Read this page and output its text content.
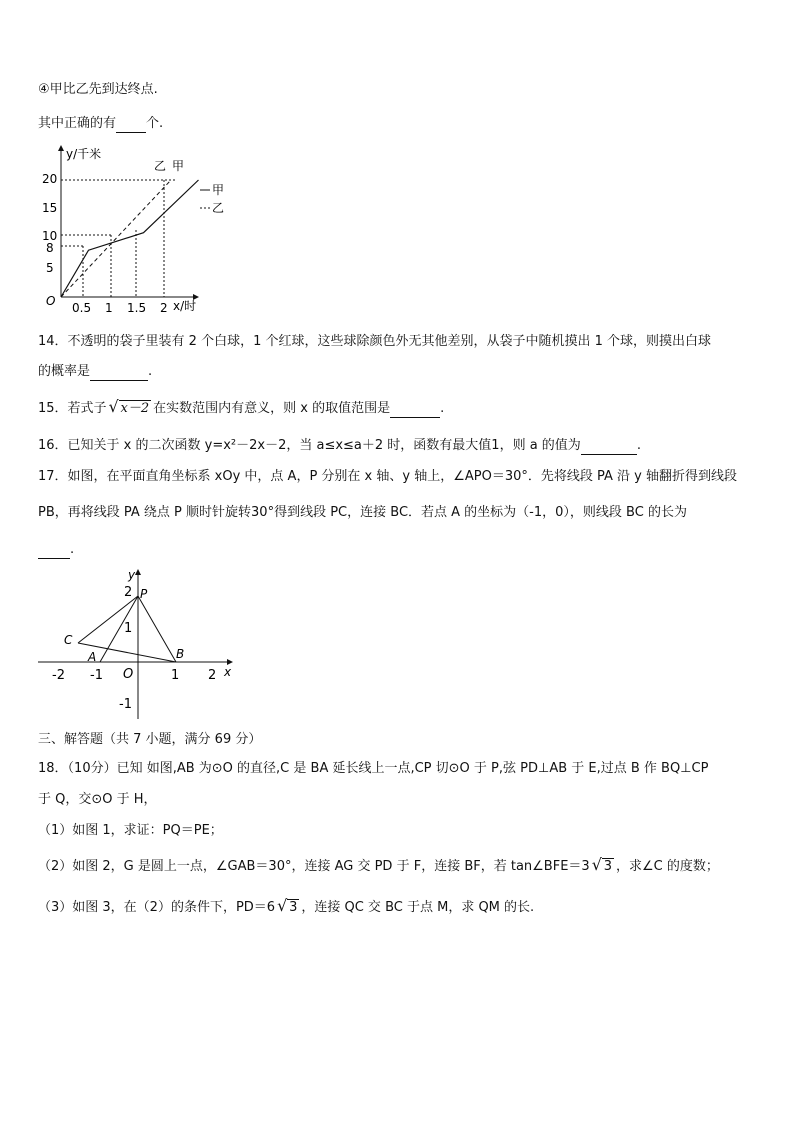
④甲比乙先到达终点.
其中正确的有 个.
y/千米
x/时
O
20
15
10
8
5
0.5 1 1.5 2
乙 甲
甲
乙
14．不透明的袋子里装有 2 个白球，1 个红球，这些球除颜色外无其他差别，从袋子中随机摸出 1 个球，则摸出白球
的概率是	.
15．若式子 √ x－2 在实数范围内有意义，则 x 的取值范围是	.
16．已知关于 x 的二次函数 y=x²－2x－2，当 a≤x≤a＋2 时，函数有最大值1，则 a 的值为	.
17．如图，在平面直角坐标系 xOy 中，点 A，P 分别在 x 轴、y 轴上，∠APO＝30°．先将线段 PA 沿 y 轴翻折得到线段
PB，再将线段 PA 绕点 P 顺时针旋转30°得到线段 PC，连接 BC．若点 A 的坐标为（-1，0），则线段 BC 的长为
.
x
y
O
-2 -1	1 2
2
1
-1
P
A	B
C
三、解答题（共 7 小题，满分 69 分）
18．（10分）已知 如图,AB 为⊙O 的直径,C 是 BA 延长线上一点,CP 切⊙O 于 P,弦 PD⊥AB 于 E,过点 B 作 BQ⊥CP
于 Q，交⊙O 于 H，
（1）如图 1，求证：PQ＝PE；
（2）如图 2，G 是圆上一点，∠GAB＝30°，连接 AG 交 PD 于 F，连接 BF，若 tan∠BFE＝3 √ 3 ，求∠C 的度数；
（3）如图 3，在（2）的条件下，PD＝6 √ 3 ，连接 QC 交 BC 于点 M，求 QM 的长.
